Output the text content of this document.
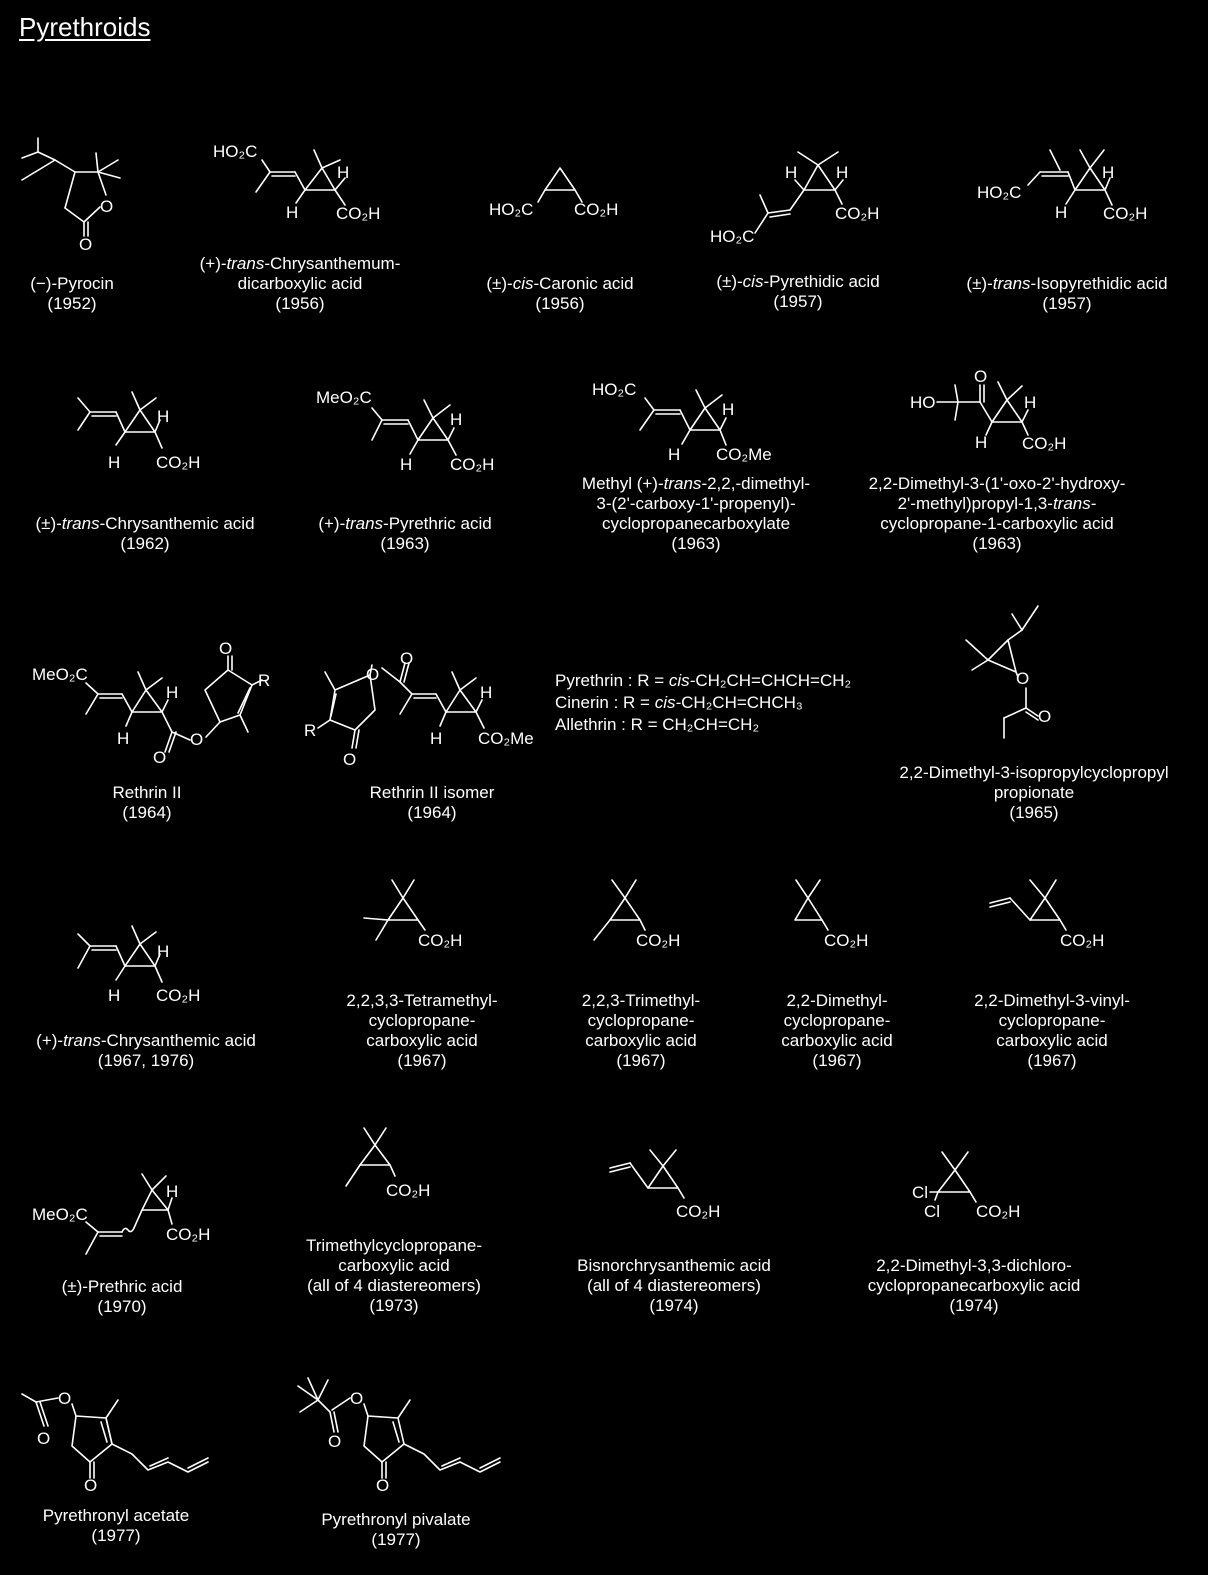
Pyrethroids
O
O
HO₂C
H
H CO₂H	HO₂C CO₂H
H H
CO₂H
HO₂C
HO₂C
H
H CO₂H
H
H CO₂H
MeO₂C
H
H CO₂H
HO₂C
H
H CO₂Me
HO
O
H
H CO₂H
MeO₂C
H
H
O
O
O
R
R
O
O
O
H
H CO₂Me
O
O
H
H CO₂H
CO₂H	CO₂H	CO₂H	CO₂H
MeO₂C
H
CO₂H
CO₂H
CO₂H
Cl
Cl CO₂H
O
O
O
O
O
O
(−)-Pyrocin
(1952)
(+)-trans-Chrysanthemum-
dicarboxylic acid
(1956)
(±)-cis-Caronic acid
(1956)
(±)-cis-Pyrethidic acid
(1957)
(±)-trans-Isopyrethidic acid
(1957)
(±)-trans-Chrysanthemic acid
(1962)
(+)-trans-Pyrethric acid
(1963)
Methyl (+)-trans-2,2,-dimethyl-
3-(2'-carboxy-1'-propenyl)-
cyclopropanecarboxylate
(1963)
2,2-Dimethyl-3-(1'-oxo-2'-hydroxy-
2'-methyl)propyl-1,3-trans-
cyclopropane-1-carboxylic acid
(1963)
Rethrin II
(1964)
Rethrin II isomer
(1964)
2,2-Dimethyl-3-isopropylcyclopropyl
propionate
(1965)
(+)-trans-Chrysanthemic acid
(1967, 1976)
2,2,3,3-Tetramethyl-
cyclopropane-
carboxylic acid
(1967)
2,2,3-Trimethyl-
cyclopropane-
carboxylic acid
(1967)
2,2-Dimethyl-
cyclopropane-
carboxylic acid
(1967)
2,2-Dimethyl-3-vinyl-
cyclopropane-
carboxylic acid
(1967)
(±)-Prethric acid
(1970)
Trimethylcyclopropane-
carboxylic acid
(all of 4 diastereomers)
(1973)
Bisnorchrysanthemic acid
(all of 4 diastereomers)
(1974)
2,2-Dimethyl-3,3-dichloro-
cyclopropanecarboxylic acid
(1974)
Pyrethronyl acetate
(1977)
Pyrethronyl pivalate
(1977)
Pyrethrin : R = cis-CH₂CH=CHCH=CH₂
Cinerin : R = cis-CH₂CH=CHCH₃
Allethrin : R = CH₂CH=CH₂
